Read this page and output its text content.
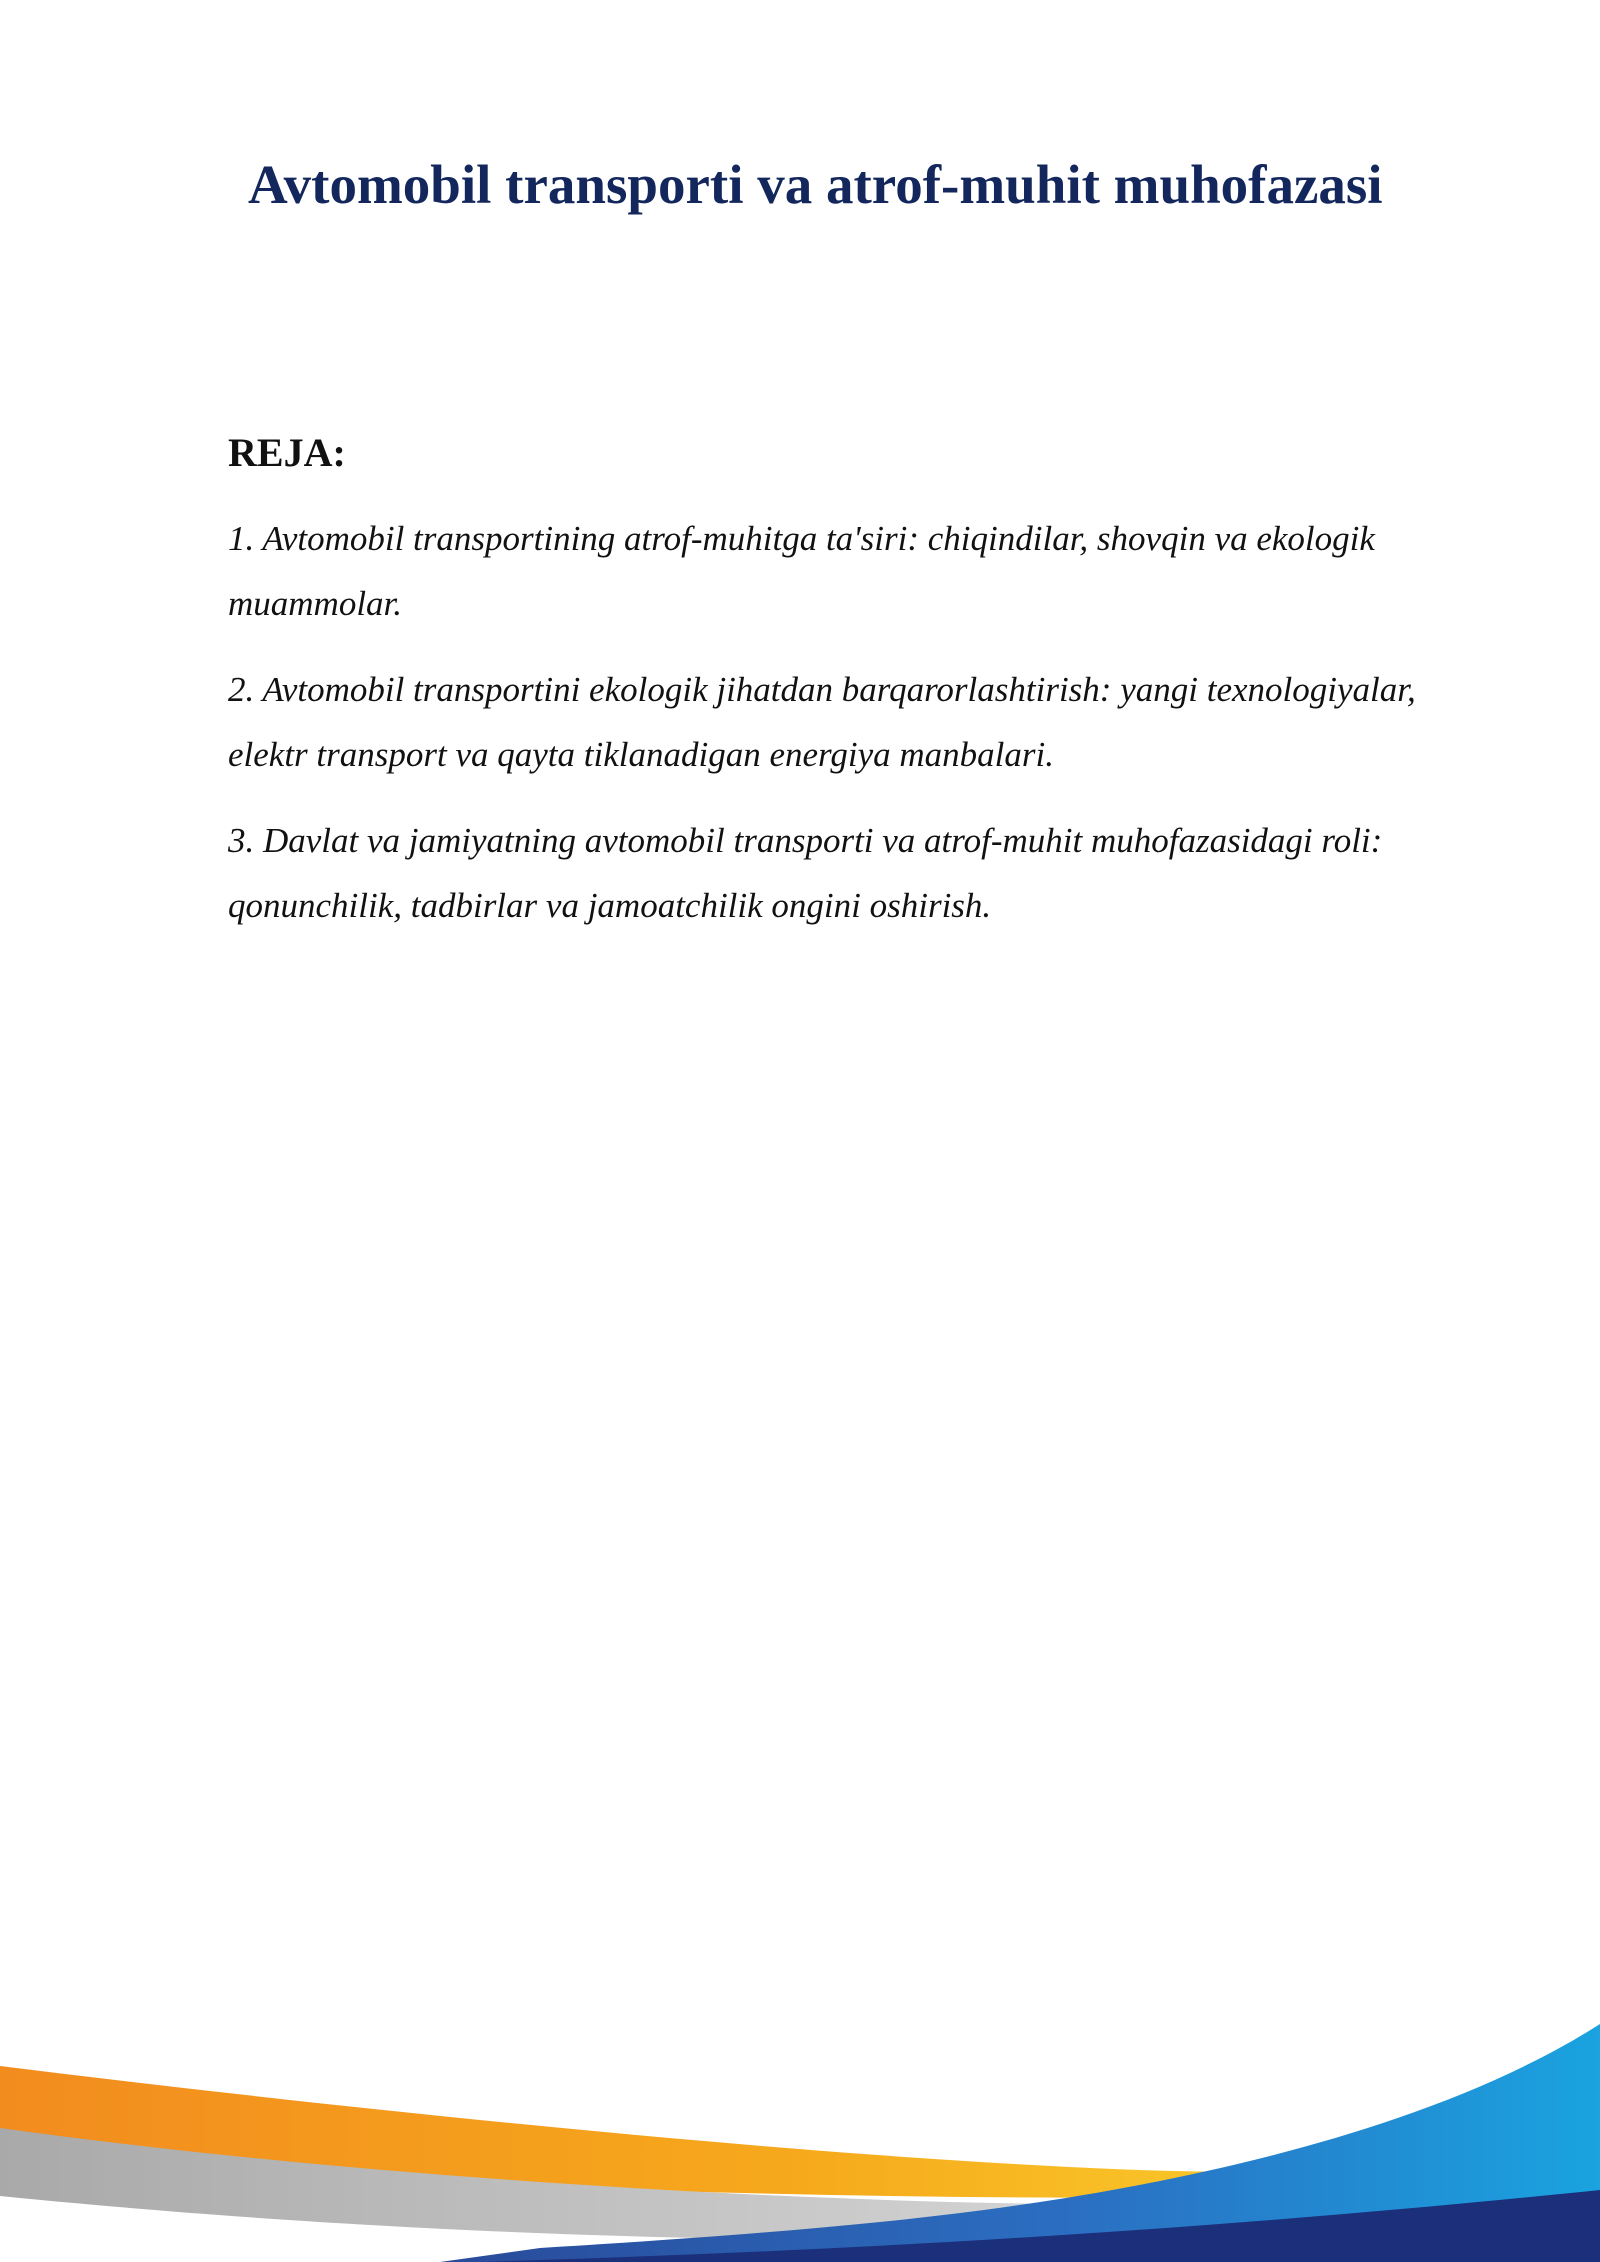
Avtomobil transporti va atrof-muhit muhofazasi
REJA:
1. Avtomobil transportining atrof-muhitga ta'siri: chiqindilar, shovqin va ekologik muammolar.
2. Avtomobil transportini ekologik jihatdan barqarorlashtirish: yangi texnologiyalar, elektr transport va qayta tiklanadigan energiya manbalari.
3. Davlat va jamiyatning avtomobil transporti va atrof-muhit muhofazasidagi roli: qonunchilik, tadbirlar va jamoatchilik ongini oshirish.
